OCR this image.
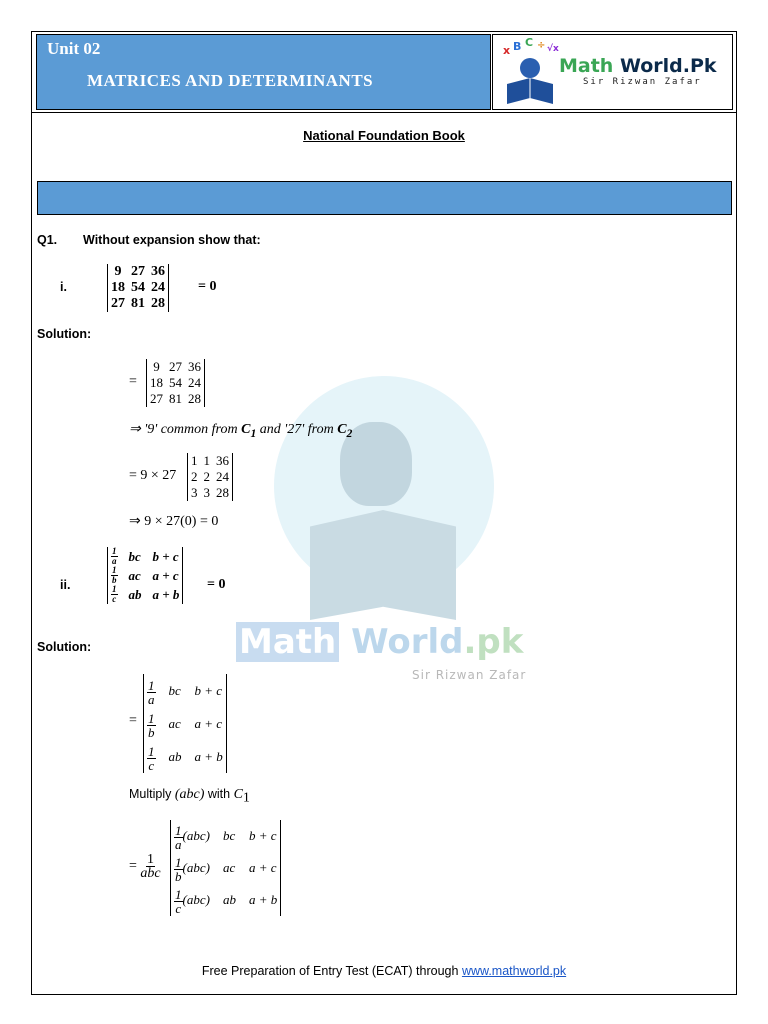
Math World.pk
Sir Rizwan Zafar
Unit 02
MATRICES AND DETERMINANTS
x B C ÷ √x
Math World.Pk
Sir Rizwan Zafar
National Foundation Book
Q1. Without expansion show that:
i.
9	27	36
18	54	24
27	81	28
= 0
Solution:
=
9	27	36
18	54	24
27	81	28
⇒ '9' common from $C_1$ and '27' from $C_2$
= 9 × 27
1	1	36
2	2	24
3	3	28
⇒ 9 × 27(0) = 0
ii.
$\frac{1}{a}$	bc	b + c

$\frac{1}{b}$	ac	a + c

$\frac{1}{c}$	ab	a + b
= 0
Solution:
=
$\frac{1}{a}$	bc	b + c

$\frac{1}{b}$	ac	a + c

$\frac{1}{c}$	ab	a + b
Multiply (abc) with $C_1$
= $\frac{1}{\text{abc}}$
$\frac{1}{a} (abc)$	bc	b + c

$\frac{1}{b} (abc)$	ac	a + c

$\frac{1}{c} (abc)$	ab	a + b
Free Preparation of Entry Test (ECAT) through www.mathworld.pk
